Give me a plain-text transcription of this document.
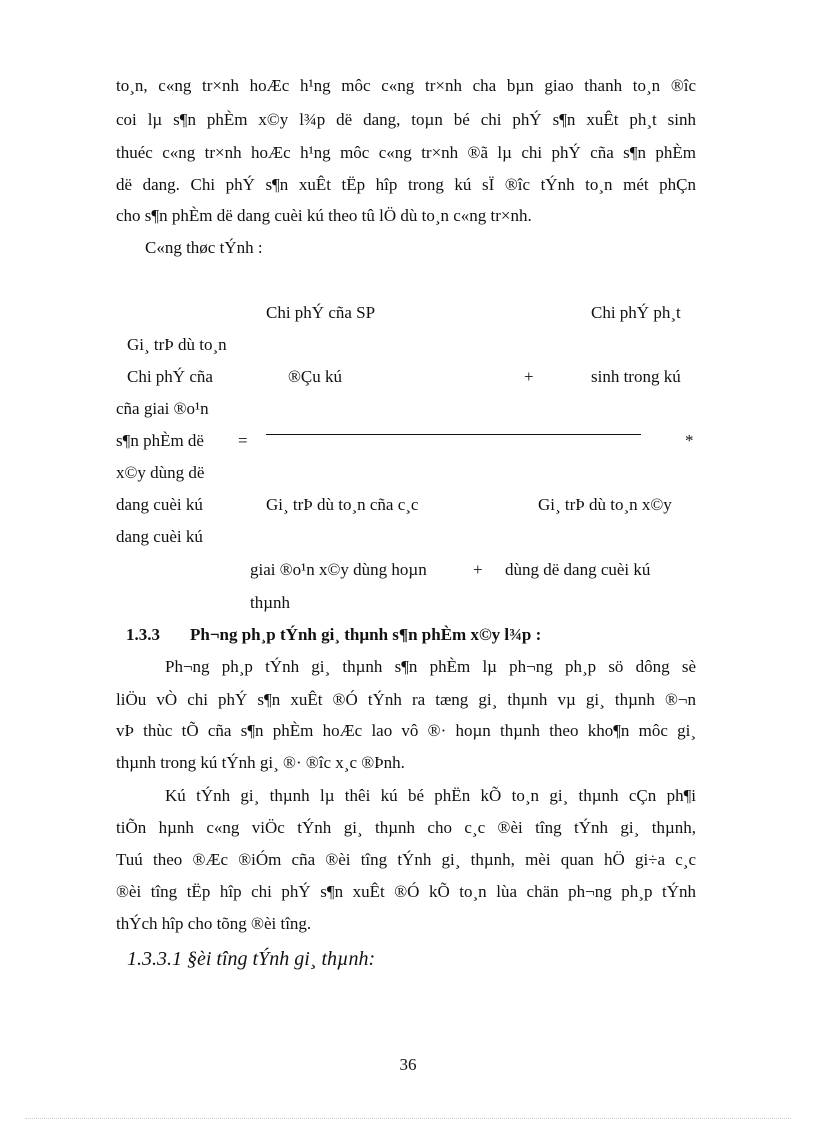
to¸n, c«ng tr×nh hoÆc h¹ng môc c«ng tr×nh cha bµn giao thanh to¸n ®îc
coi lµ s¶n phÈm x©y l¾p dë dang, toµn bé chi phÝ s¶n xuÊt ph¸t sinh
thuéc c«ng tr×nh hoÆc h¹ng môc c«ng tr×nh ®ã lµ chi phÝ cña s¶n phÈm
dë dang. Chi phÝ s¶n xuÊt tËp hîp trong kú sÏ ®îc tÝnh to¸n mét phÇn
cho s¶n phÈm dë dang cuèi kú theo tû lÖ dù to¸n c«ng tr×nh.
C«ng thøc tÝnh :
Chi phÝ cña SP	Chi phÝ ph¸t
Gi¸ trÞ dù to¸n
Chi phÝ cña	®Çu kú	+	sinh trong kú
cña giai ®o¹n
s¶n phÈm dë =	*
x©y dùng dë
dang cuèi kú	Gi¸ trÞ dù to¸n cña c¸c	Gi¸ trÞ dù to¸n x©y
dang cuèi kú
giai ®o¹n x©y dùng hoµn	+ dùng dë dang cuèi kú
thµnh
1.3.3 Ph¬ng ph¸p tÝnh gi¸ thµnh s¶n phÈm x©y l¾p :
Ph¬ng ph¸p tÝnh gi¸ thµnh s¶n phÈm lµ ph¬ng ph¸p sö dông sè
liÖu vÒ chi phÝ s¶n xuÊt ®Ó tÝnh ra tæng gi¸ thµnh vµ gi¸ thµnh ®¬n
vÞ thùc tÕ cña s¶n phÈm hoÆc lao vô ®· hoµn thµnh theo kho¶n môc gi¸
thµnh trong kú tÝnh gi¸ ®· ®îc x¸c ®Þnh.
Kú tÝnh gi¸ thµnh lµ thêi kú bé phËn kÕ to¸n gi¸ thµnh cÇn ph¶i
tiÕn hµnh c«ng viÖc tÝnh gi¸ thµnh cho c¸c ®èi tîng tÝnh gi¸ thµnh,
Tuú theo ®Æc ®iÓm cña ®èi tîng tÝnh gi¸ thµnh, mèi quan hÖ gi÷a c¸c
®èi tîng tËp hîp chi phÝ s¶n xuÊt ®Ó kÕ to¸n lùa chän ph¬ng ph¸p tÝnh
thÝch hîp cho tõng ®èi tîng.
1.3.3.1 §èi tîng tÝnh gi¸ thµnh:
36
